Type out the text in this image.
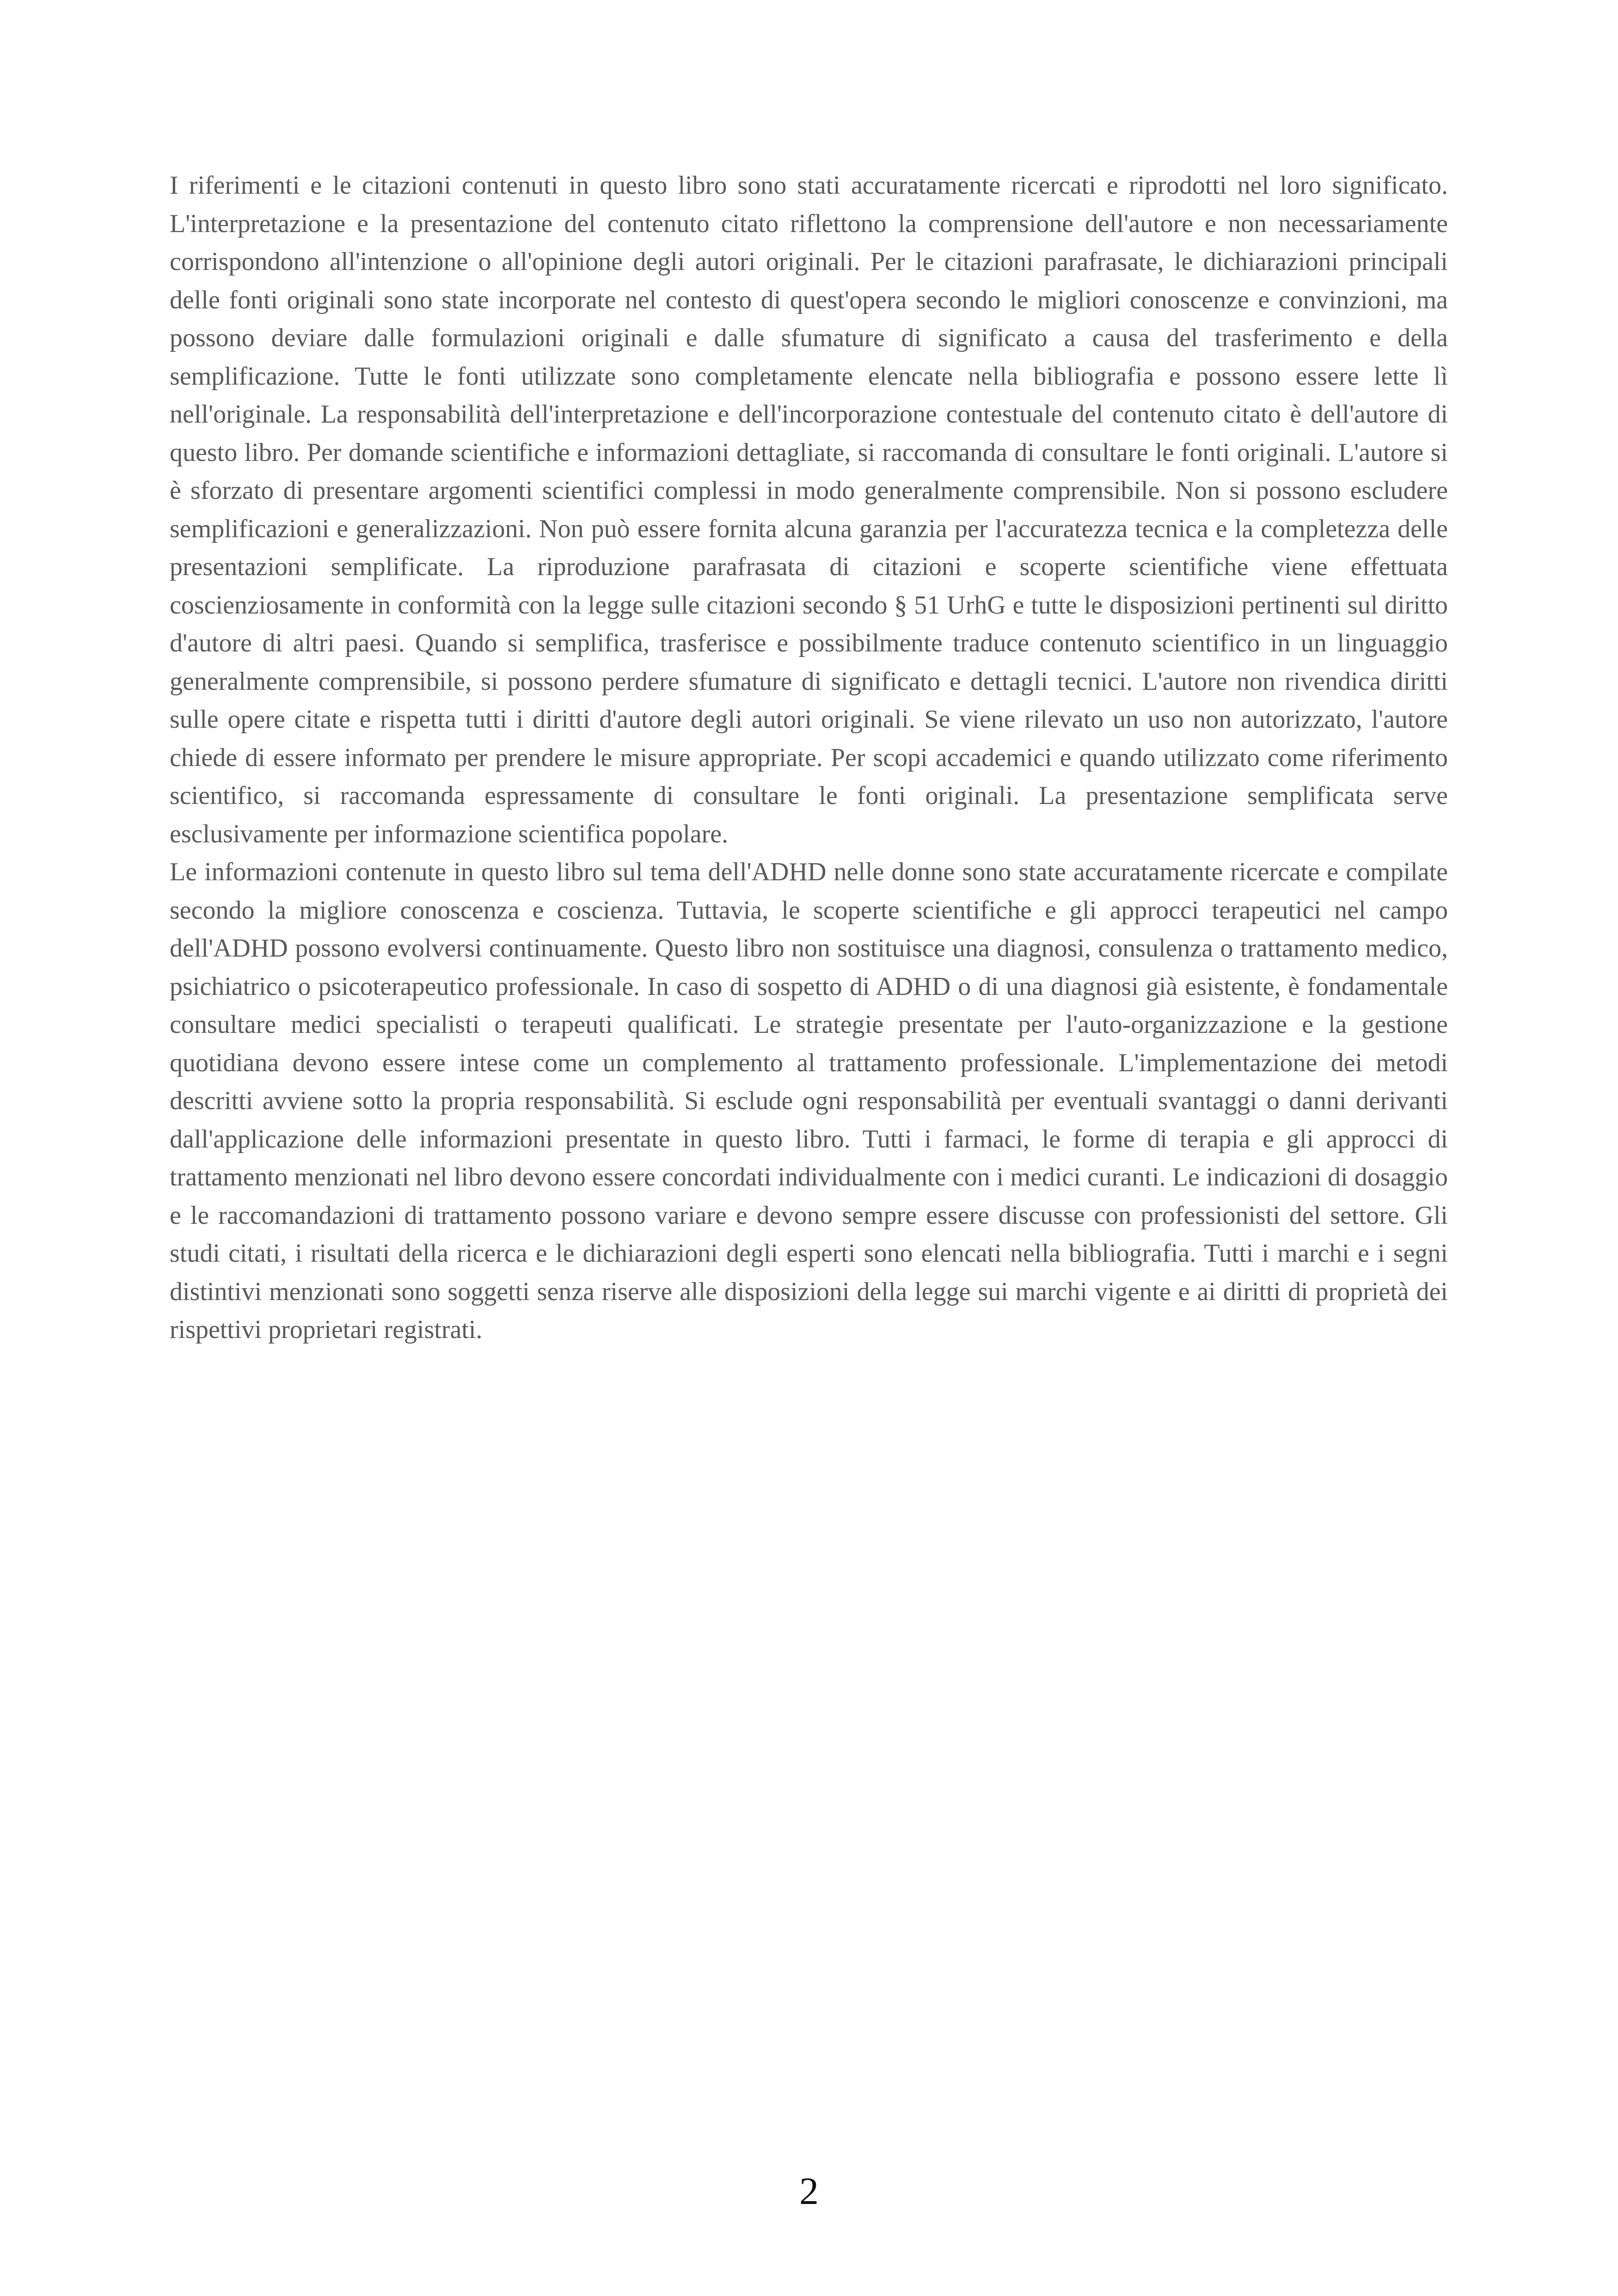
I riferimenti e le citazioni contenuti in questo libro sono stati accuratamente ricercati e riprodotti nel loro significato. L'interpretazione e la presentazione del contenuto citato riflettono la comprensione dell'autore e non necessariamente corrispondono all'intenzione o all'opinione degli autori originali. Per le citazioni parafrasate, le dichiarazioni principali delle fonti originali sono state incorporate nel contesto di quest'opera secondo le migliori conoscenze e convinzioni, ma possono deviare dalle formulazioni originali e dalle sfumature di significato a causa del trasferimento e della semplificazione. Tutte le fonti utilizzate sono completamente elencate nella bibliografia e possono essere lette lì nell'originale. La responsabilità dell'interpretazione e dell'incorporazione contestuale del contenuto citato è dell'autore di questo libro. Per domande scientifiche e informazioni dettagliate, si raccomanda di consultare le fonti originali. L'autore si è sforzato di presentare argomenti scientifici complessi in modo generalmente comprensibile. Non si possono escludere semplificazioni e generalizzazioni. Non può essere fornita alcuna garanzia per l'accuratezza tecnica e la completezza delle presentazioni semplificate. La riproduzione parafrasata di citazioni e scoperte scientifiche viene effettuata coscienziosamente in conformità con la legge sulle citazioni secondo § 51 UrhG e tutte le disposizioni pertinenti sul diritto d'autore di altri paesi. Quando si semplifica, trasferisce e possibilmente traduce contenuto scientifico in un linguaggio generalmente comprensibile, si possono perdere sfumature di significato e dettagli tecnici. L'autore non rivendica diritti sulle opere citate e rispetta tutti i diritti d'autore degli autori originali. Se viene rilevato un uso non autorizzato, l'autore chiede di essere informato per prendere le misure appropriate. Per scopi accademici e quando utilizzato come riferimento scientifico, si raccomanda espressamente di consultare le fonti originali. La presentazione semplificata serve esclusivamente per informazione scientifica popolare.

Le informazioni contenute in questo libro sul tema dell'ADHD nelle donne sono state accuratamente ricercate e compilate secondo la migliore conoscenza e coscienza. Tuttavia, le scoperte scientifiche e gli approcci terapeutici nel campo dell'ADHD possono evolversi continuamente. Questo libro non sostituisce una diagnosi, consulenza o trattamento medico, psichiatrico o psicoterapeutico professionale. In caso di sospetto di ADHD o di una diagnosi già esistente, è fondamentale consultare medici specialisti o terapeuti qualificati. Le strategie presentate per l'auto-organizzazione e la gestione quotidiana devono essere intese come un complemento al trattamento professionale. L'implementazione dei metodi descritti avviene sotto la propria responsabilità. Si esclude ogni responsabilità per eventuali svantaggi o danni derivanti dall'applicazione delle informazioni presentate in questo libro. Tutti i farmaci, le forme di terapia e gli approcci di trattamento menzionati nel libro devono essere concordati individualmente con i medici curanti. Le indicazioni di dosaggio e le raccomandazioni di trattamento possono variare e devono sempre essere discusse con professionisti del settore. Gli studi citati, i risultati della ricerca e le dichiarazioni degli esperti sono elencati nella bibliografia. Tutti i marchi e i segni distintivi menzionati sono soggetti senza riserve alle disposizioni della legge sui marchi vigente e ai diritti di proprietà dei rispettivi proprietari registrati.

2
